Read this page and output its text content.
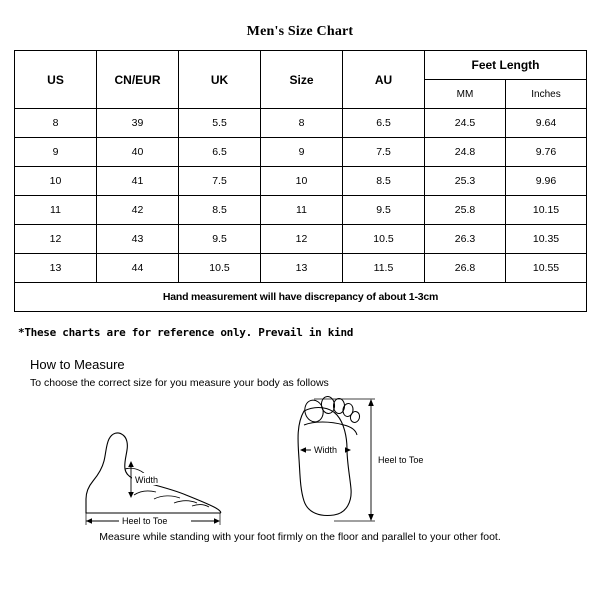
Men's Size Chart
US	CN/EUR	UK	Size	AU	Feet Length	
					MM	Inches
8	39	5.5	8	6.5	24.5	9.64
9	40	6.5	9	7.5	24.8	9.76
10	41	7.5	10	8.5	25.3	9.96
11	42	8.5	11	9.5	25.8	10.15
12	43	9.5	12	10.5	26.3	10.35
13	44	10.5	13	11.5	26.8	10.55
Hand measurement will have discrepancy of about 1-3cm						
*These charts are for reference only. Prevail in kind
How to Measure
To choose the correct size for you measure your body as follows
Width
Heel to Toe
Width
Heel to Toe
Measure while standing with your foot firmly on the floor and parallel to your other foot.
